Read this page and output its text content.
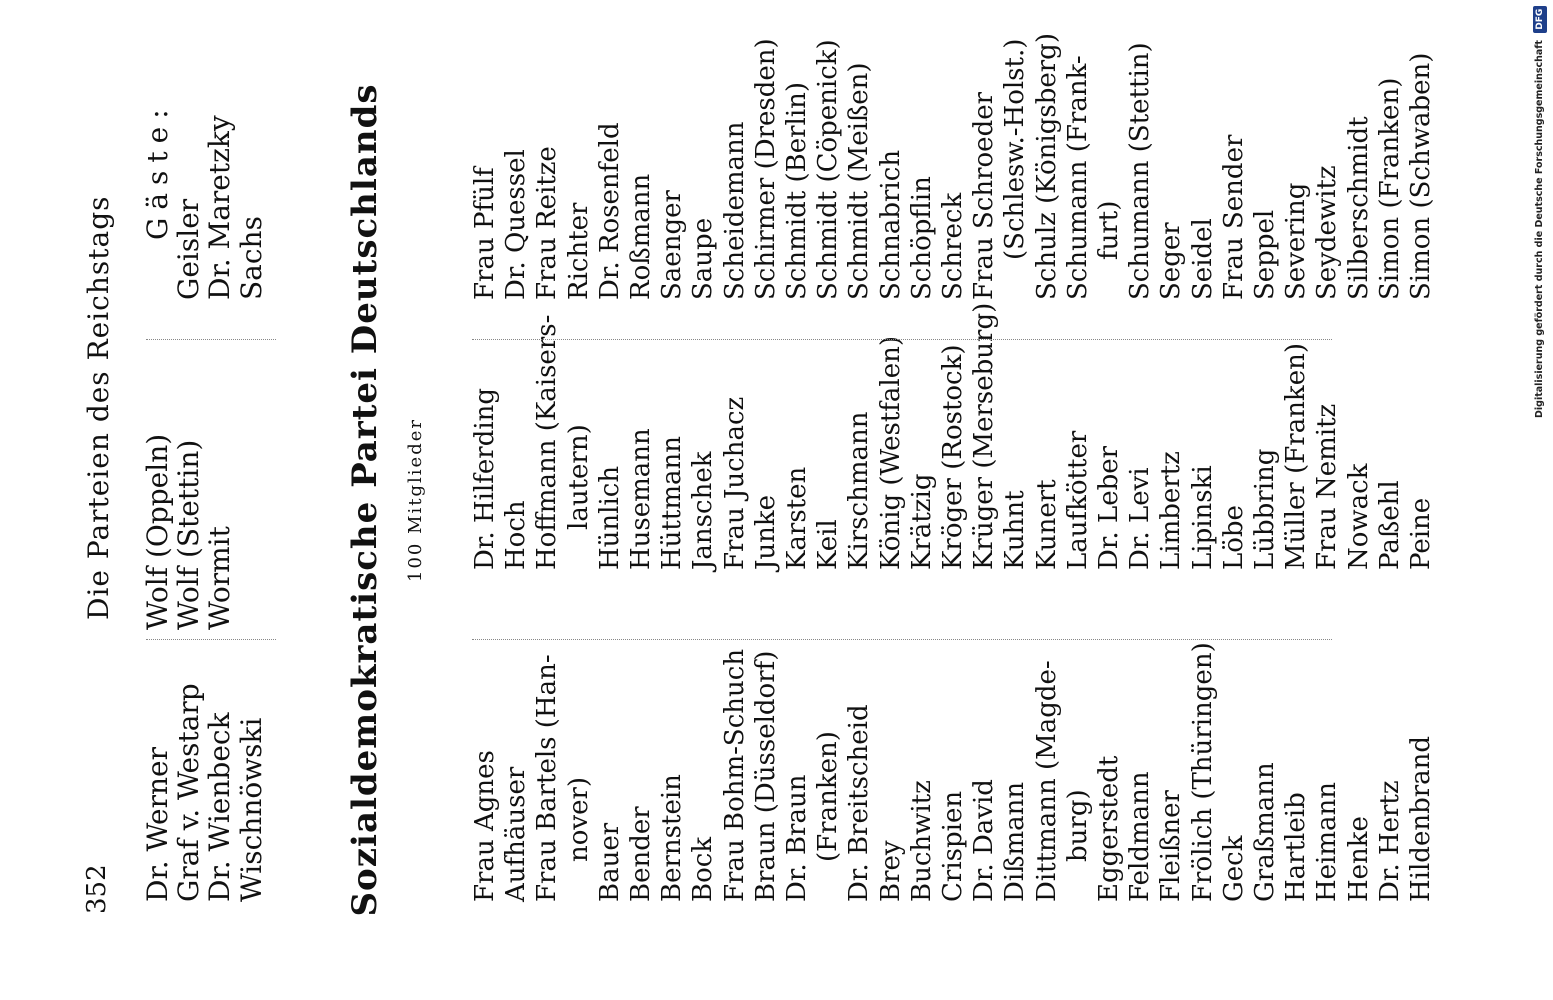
352
Die Parteien des Reichstags
Dr. Werner
Graf v. Westarp
Dr. Wienbeck
Wischnöwski
Wolf (Oppeln)
Wolf (Stettin)
Wormit
Gäste:
Geisler
Dr. Maretzky
Sachs Sozialdemokratische Partei Deutschlands 100 Mitglieder
Frau Agnes Aufhäuser Frau Bartels (Han- nover)
Bauer Bender Bernstein Bock Frau Bohm-Schuch Braun (Düsseldorf) Dr. Braun (Franken) Dr. Breitscheid Brey Buchwitz Crispien Dr. David Dißmann Dittmann (Magde- burg) Eggerstedt Feldmann Fleißner Frölich (Thüringen) Geck Graßmann Hartleib Heimann Henke Dr. Hertz Hildenbrand
Dr. Hilferding Hoch Hoffmann (Kaisers- lautern) Hünlich Husemann Hüttmann Janschek Frau Juchacz Junke Karsten Keil Kirschmann König (Westfalen) Krätzig Kröger (Rostock) Krüger (Merseburg) Kuhnt Kunert Laufkötter Dr. Leber Dr. Levi Limbertz Lipinski Löbe Lübbring Müller (Franken) Frau Nemitz Nowack Paßehl Peine
Frau Pfülf Dr. Quessel Frau Reitze Richter Dr. Rosenfeld Roßmann Saenger Saupe Scheidemann Schirmer (Dresden) Schmidt (Berlin) Schmidt (Cöpenick) Schmidt (Meißen) Schnabrich Schöpflin Schreck Frau Schroeder (Schlesw.-Holst.) Schulz (Königsberg) Schumann (Frank- furt) Schumann (Stettin) Seger Seidel Frau Sender Seppel Severing Seydewitz Silberschmidt Simon (Franken) Simon (Schwaben)	Digitalisierung gefördert durch die Deutsche Forschungsgemeinschaft DFG
